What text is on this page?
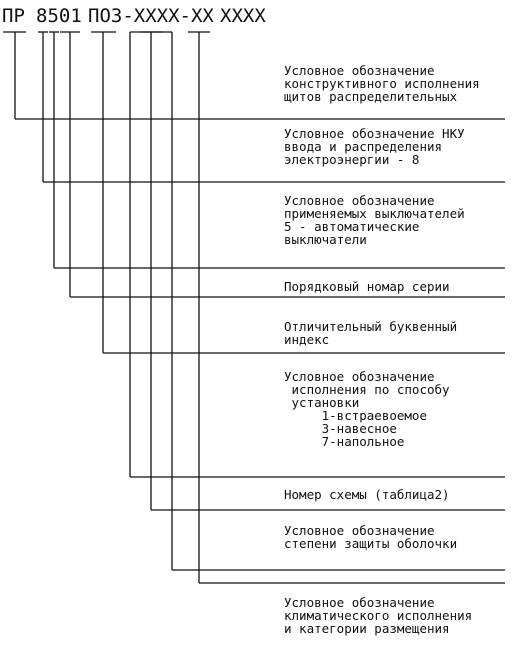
ПР 8501 ПОЗ-XXXX-XX XXXX
Условное обозначение
конструктивного исполнения
щитов распределительных
Условное обозначение НКУ
ввода и распределения
электроэнергии - 8
Условное обозначение
применяемых выключателей
5 - автоматические
выключатели
Порядковый номар серии
Отличительный буквенный
индекс
Условное обозначение
исполнения по способу
установки
1-встраевоемое
3-навесное
7-напольное
Номер схемы (таблица2)
Условное обозначение
степени защиты оболочки
Условное обозначение
климатического исполнения
и категории размещения
